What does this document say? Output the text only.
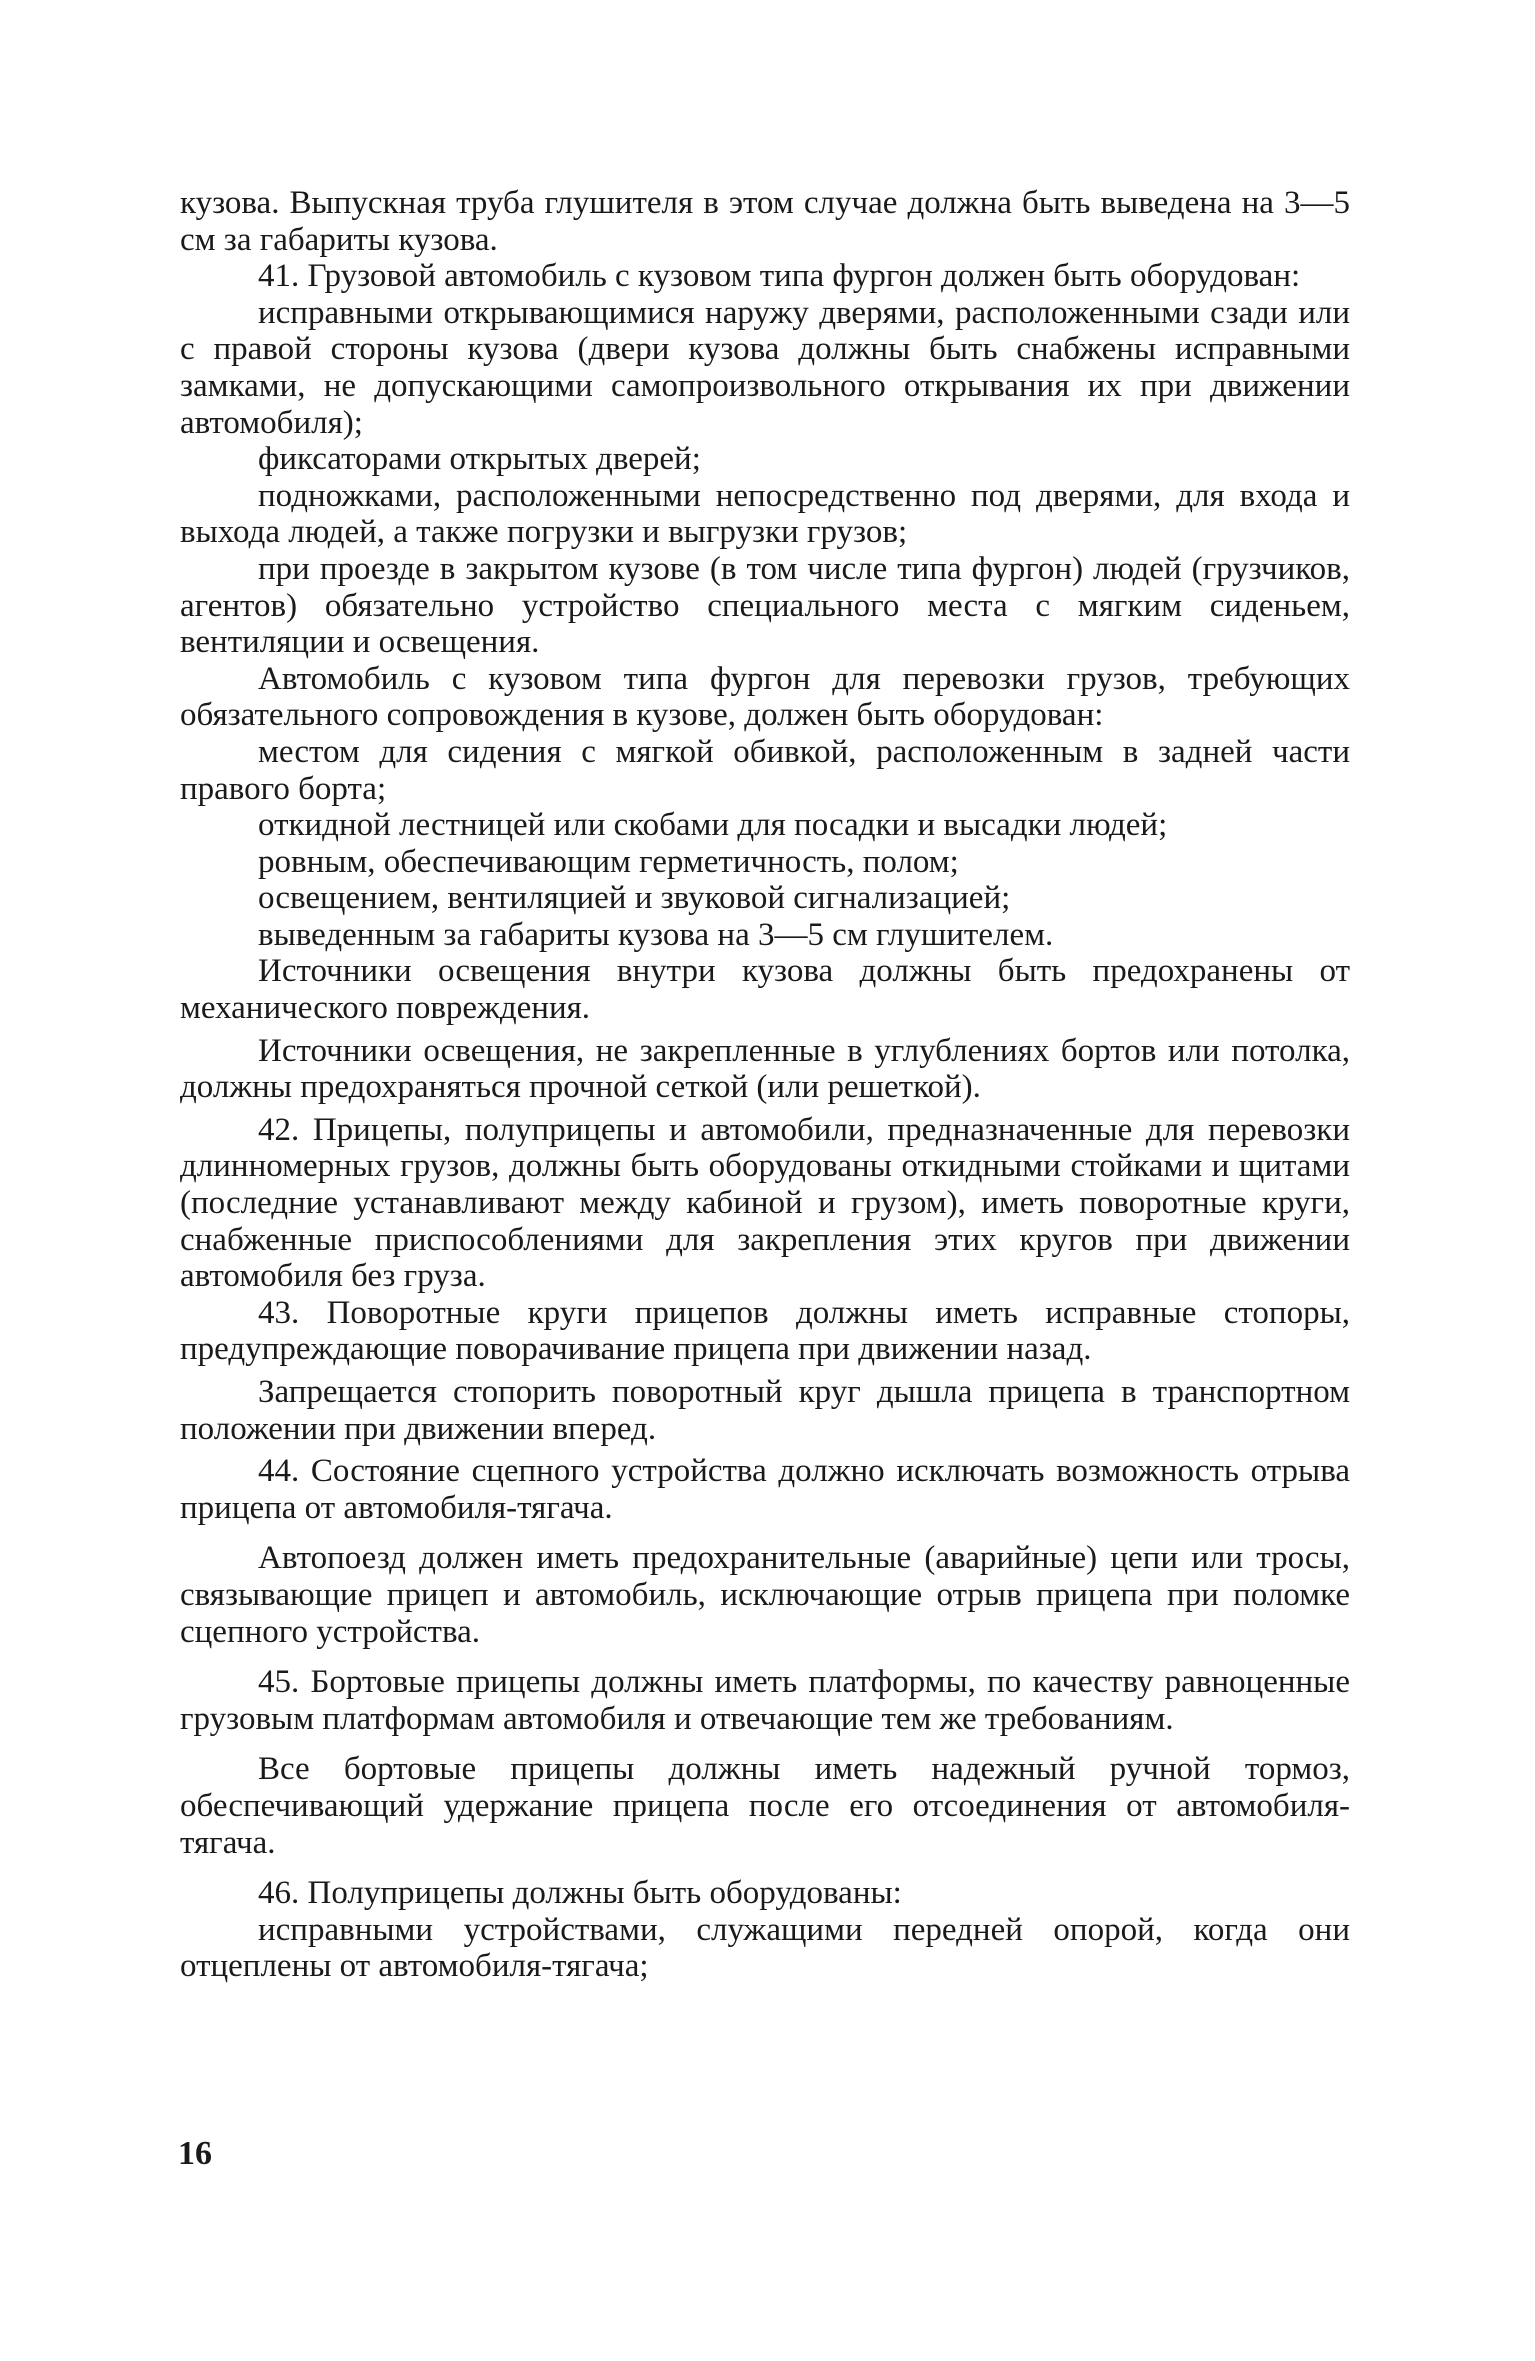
кузова. Выпускная труба глушителя в этом случае должна быть выведена на 3—5 см за габариты кузова.

41. Грузовой автомобиль с кузовом типа фургон должен быть оборудован:

исправными открывающимися наружу дверями, расположенными сзади или с правой стороны кузова (двери кузова должны быть снабжены исправными замками, не допускающими самопроизвольного открывания их при движении автомобиля);

фиксаторами открытых дверей;

подножками, расположенными непосредственно под дверями, для входа и выхода людей, а также погрузки и выгрузки грузов;

при проезде в закрытом кузове (в том числе типа фургон) людей (грузчиков, агентов) обязательно устройство специального места с мягким сиденьем, вентиляции и освещения.

Автомобиль с кузовом типа фургон для перевозки грузов, требующих обязательного сопровождения в кузове, должен быть оборудован:

местом для сидения с мягкой обивкой, расположенным в задней части правого борта;

откидной лестницей или скобами для посадки и высадки людей;

ровным, обеспечивающим герметичность, полом;

освещением, вентиляцией и звуковой сигнализацией;

выведенным за габариты кузова на 3—5 см глушителем.

Источники освещения внутри кузова должны быть предохранены от механического повреждения.

Источники освещения, не закрепленные в углублениях бортов или потолка, должны предохраняться прочной сеткой (или решеткой).

42. Прицепы, полуприцепы и автомобили, предназначенные для перевозки длинномерных грузов, должны быть оборудованы откидными стойками и щитами (последние устанавливают между кабиной и грузом), иметь поворотные круги, снабженные приспособлениями для закрепления этих кругов при движении автомобиля без груза.

43. Поворотные круги прицепов должны иметь исправные стопоры, предупреждающие поворачивание прицепа при движении назад.

Запрещается стопорить поворотный круг дышла прицепа в транспортном положении при движении вперед.

44. Состояние сцепного устройства должно исключать возможность отрыва прицепа от автомобиля-тягача.

Автопоезд должен иметь предохранительные (аварийные) цепи или тросы, связывающие прицеп и автомобиль, исключающие отрыв прицепа при поломке сцепного устройства.

45. Бортовые прицепы должны иметь платформы, по качеству равноценные грузовым платформам автомобиля и отвечающие тем же требованиям.

Все бортовые прицепы должны иметь надежный ручной тормоз, обеспечивающий удержание прицепа после его отсоединения от автомобиля-тягача.

46. Полуприцепы должны быть оборудованы:

исправными устройствами, служащими передней опорой, когда они отцеплены от автомобиля-тягача;

16
